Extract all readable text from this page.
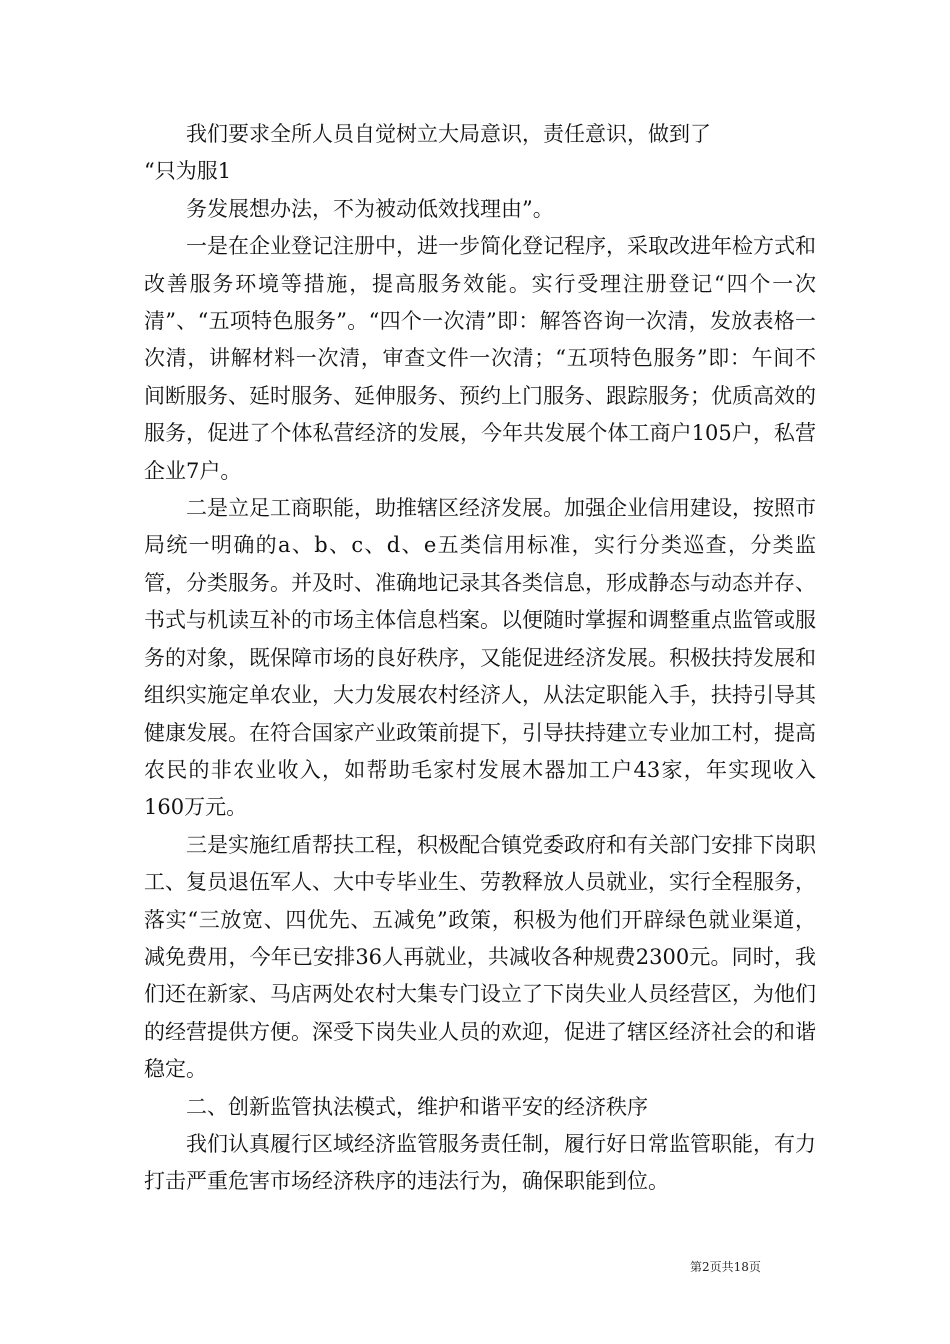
我们要求全所人员自觉树立大局意识，责任意识，做到了

“只为服1

务发展想办法，不为被动低效找理由”。

一是在企业登记注册中，进一步简化登记程序，采取改进年检方式和改善服务环境等措施，提高服务效能。实行受理注册登记“四个一次清”、“五项特色服务”。“四个一次清”即：解答咨询一次清，发放表格一次清，讲解材料一次清，审查文件一次清；“五项特色服务”即：午间不间断服务、延时服务、延伸服务、预约上门服务、跟踪服务；优质高效的服务，促进了个体私营经济的发展，今年共发展个体工商户105户，私营企业7户。

二是立足工商职能，助推辖区经济发展。加强企业信用建设，按照市局统一明确的a、b、c、d、e五类信用标准，实行分类巡查，分类监管，分类服务。并及时、准确地记录其各类信息，形成静态与动态并存、书式与机读互补的市场主体信息档案。以便随时掌握和调整重点监管或服务的对象，既保障市场的良好秩序，又能促进经济发展。积极扶持发展和组织实施定单农业，大力发展农村经济人，从法定职能入手，扶持引导其健康发展。在符合国家产业政策前提下，引导扶持建立专业加工村，提高农民的非农业收入，如帮助毛家村发展木器加工户43家，年实现收入160万元。

三是实施红盾帮扶工程，积极配合镇党委政府和有关部门安排下岗职工、复员退伍军人、大中专毕业生、劳教释放人员就业，实行全程服务，落实“三放宽、四优先、五减免”政策，积极为他们开辟绿色就业渠道，减免费用，今年已安排36人再就业，共减收各种规费2300元。同时，我们还在新家、马店两处农村大集专门设立了下岗失业人员经营区，为他们的经营提供方便。深受下岗失业人员的欢迎，促进了辖区经济社会的和谐稳定。

二、创新监管执法模式，维护和谐平安的经济秩序

我们认真履行区域经济监管服务责任制，履行好日常监管职能，有力打击严重危害市场经济秩序的违法行为，确保职能到位。

第2页共18页
